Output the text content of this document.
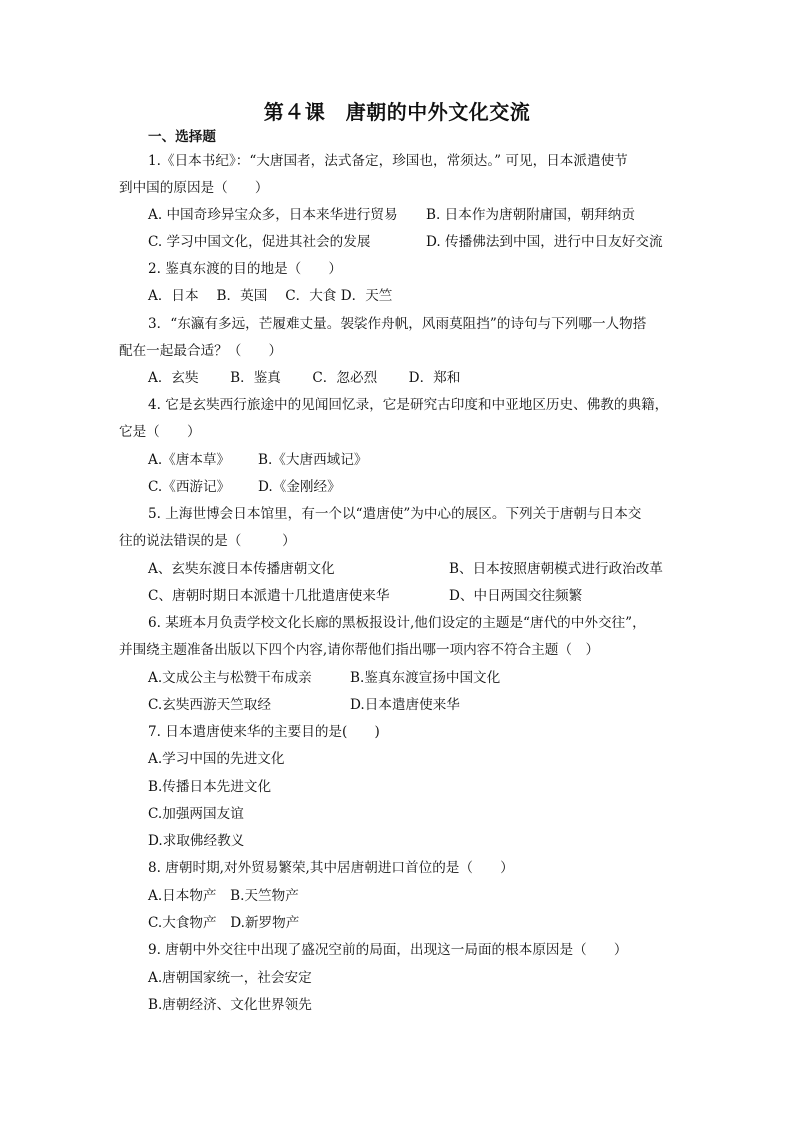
第４课　唐朝的中外文化交流
一、选择题
1.《日本书纪》：“大唐国者，法式备定，珍国也，常须达。” 可见，日本派遣使节
到中国的原因是（　　）
A. 中国奇珍异宝众多，日本来华进行贸易 B. 日本作为唐朝附庸国，朝拜纳贡
C. 学习中国文化，促进其社会的发展	D. 传播佛法到中国，进行中日友好交流
2. 鉴真东渡的目的地是（　　）
A．日本　 B．英国　 C．大食 D．天竺
3．“东瀛有多远，芒履难丈量。袈裟作舟帆，风雨莫阻挡”的诗句与下列哪一人物搭
配在一起最合适？（　　）
A．玄奘　　 B．鉴真　　 C．忽必烈　　 D．郑和
4. 它是玄奘西行旅途中的见闻回忆录，它是研究古印度和中亚地区历史、佛教的典籍，
它是（　　）
A.《唐本草》 B.《大唐西域记》
C.《西游记》 D.《金刚经》
5. 上海世博会日本馆里，有一个以“遣唐使”为中心的展区。下列关于唐朝与日本交
往的说法错误的是（　　　）
A、玄奘东渡日本传播唐朝文化	B、日本按照唐朝模式进行政治改革
C、唐朝时期日本派遣十几批遣唐使来华	D、中日两国交往频繁
6. 某班本月负责学校文化长廊的黑板报设计,他们设定的主题是“唐代的中外交往”，
并围绕主题准备出版以下四个内容,请你帮他们指出哪一项内容不符合主题（　）
A.文成公主与松赞干布成亲	B.鉴真东渡宣扬中国文化
C.玄奘西游天竺取经	D.日本遣唐使来华
7. 日本遣唐使来华的主要目的是(　　)
A.学习中国的先进文化
B.传播日本先进文化
C.加强两国友谊
D.求取佛经教义
8. 唐朝时期,对外贸易繁荣,其中居唐朝进口首位的是（　　）
A.日本物产　B.天竺物产
C.大食物产　D.新罗物产
9. 唐朝中外交往中出现了盛况空前的局面，出现这一局面的根本原因是（　　）
A.唐朝国家统一，社会安定
B.唐朝经济、文化世界领先
